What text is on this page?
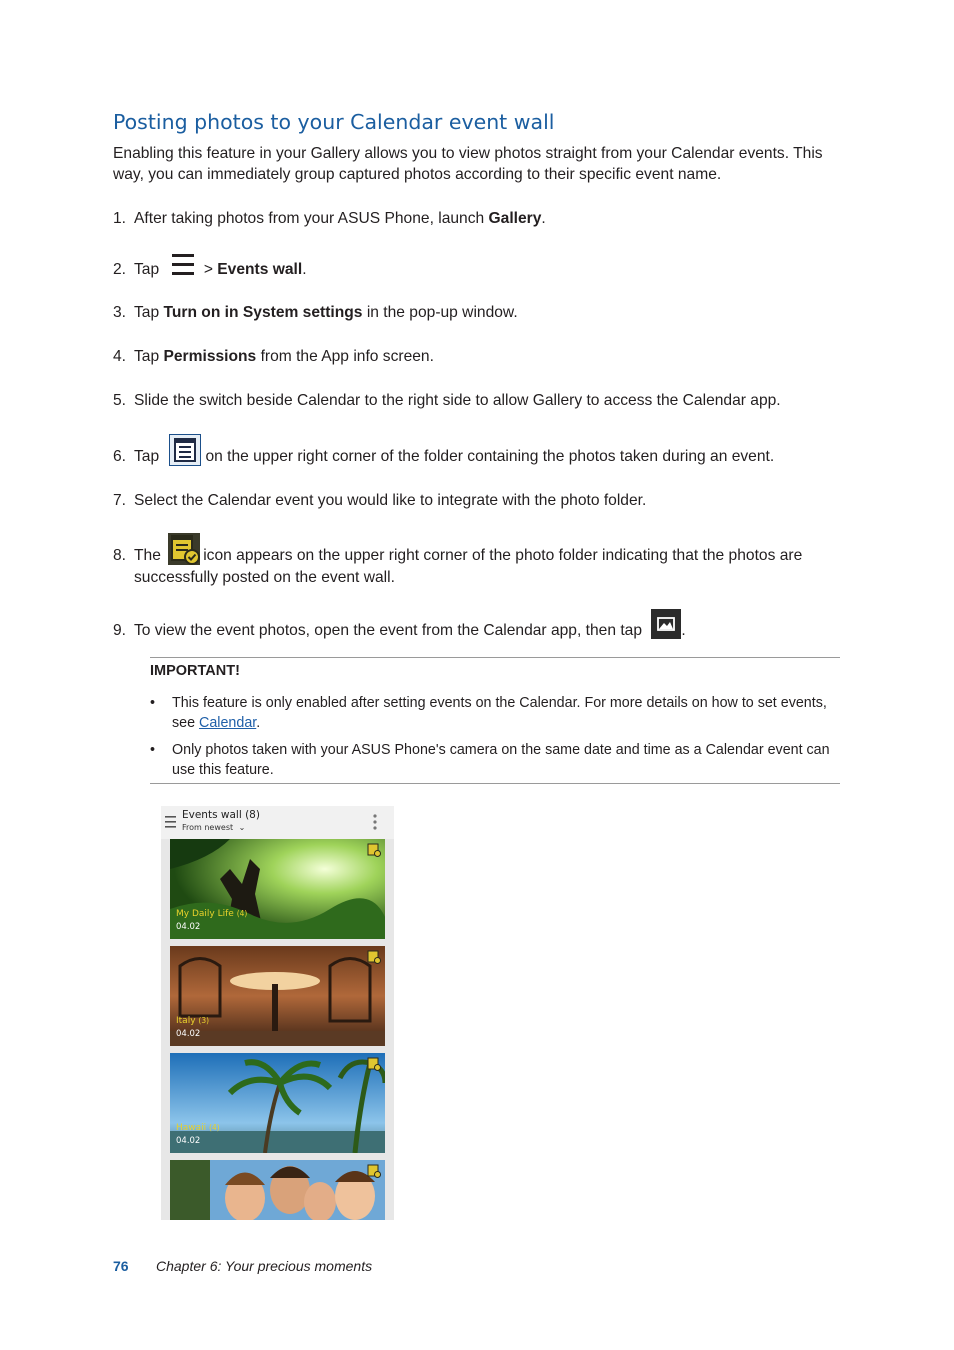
Posting photos to your Calendar event wall

Enabling this feature in your Gallery allows you to view photos straight from your Calendar events. This way, you can immediately group captured photos according to their specific event name.

1. After taking photos from your ASUS Phone, launch Gallery.
2. Tap	> Events wall.
3. Tap Turn on in System settings in the pop-up window.
4. Tap Permissions from the App info screen.
5. Slide the switch beside Calendar to the right side to allow Gallery to access the Calendar app.
6. Tap	on the upper right corner of the folder containing the photos taken during an event.
7. Select the Calendar event you would like to integrate with the photo folder.
8. The	icon appears on the upper right corner of the photo folder indicating that the photos are successfully posted on the event wall.
9. To view the event photos, open the event from the Calendar app, then tap	.
IMPORTANT!
• This feature is only enabled after setting events on the Calendar. For more details on how to set events, see Calendar.
• Only photos taken with your ASUS Phone's camera on the same date and time as a Calendar event can use this feature.
Events wall (8)
From newest ⌄
My Daily Life (4)
04.02
Italy (3)
04.02
Hawaii (4)
04.02
76 Chapter 6: Your precious moments
